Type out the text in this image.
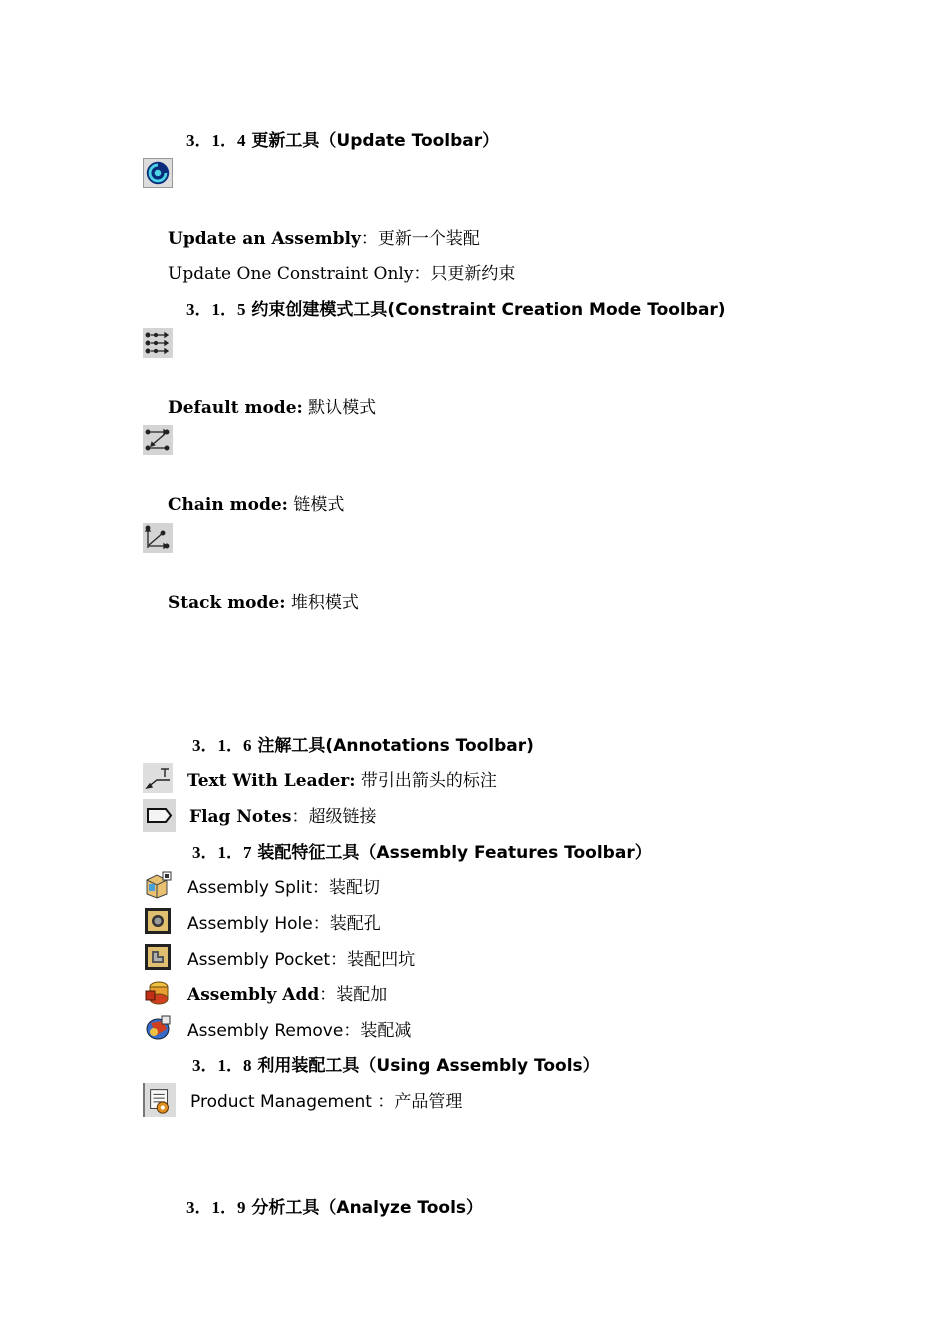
3．1．4 更新工具（Update Toolbar）
Update an Assembly：更新一个装配
Update One Constraint Only：只更新约束
3．1．5 约束创建模式工具(Constraint Creation Mode Toolbar)
Default mode: 默认模式
Chain mode: 链模式
Stack mode: 堆积模式
3．1．6 注解工具(Annotations Toolbar)
Text With Leader: 带引出箭头的标注
Flag Notes：超级链接
3．1．7 装配特征工具（Assembly Features Toolbar）
Assembly Split：装配切
Assembly Hole：装配孔
Assembly Pocket：装配凹坑
Assembly Add：装配加
Assembly Remove：装配减
3．1．8 利用装配工具（Using Assembly Tools）
Product Management ：产品管理
3．1．9 分析工具（Analyze Tools）
